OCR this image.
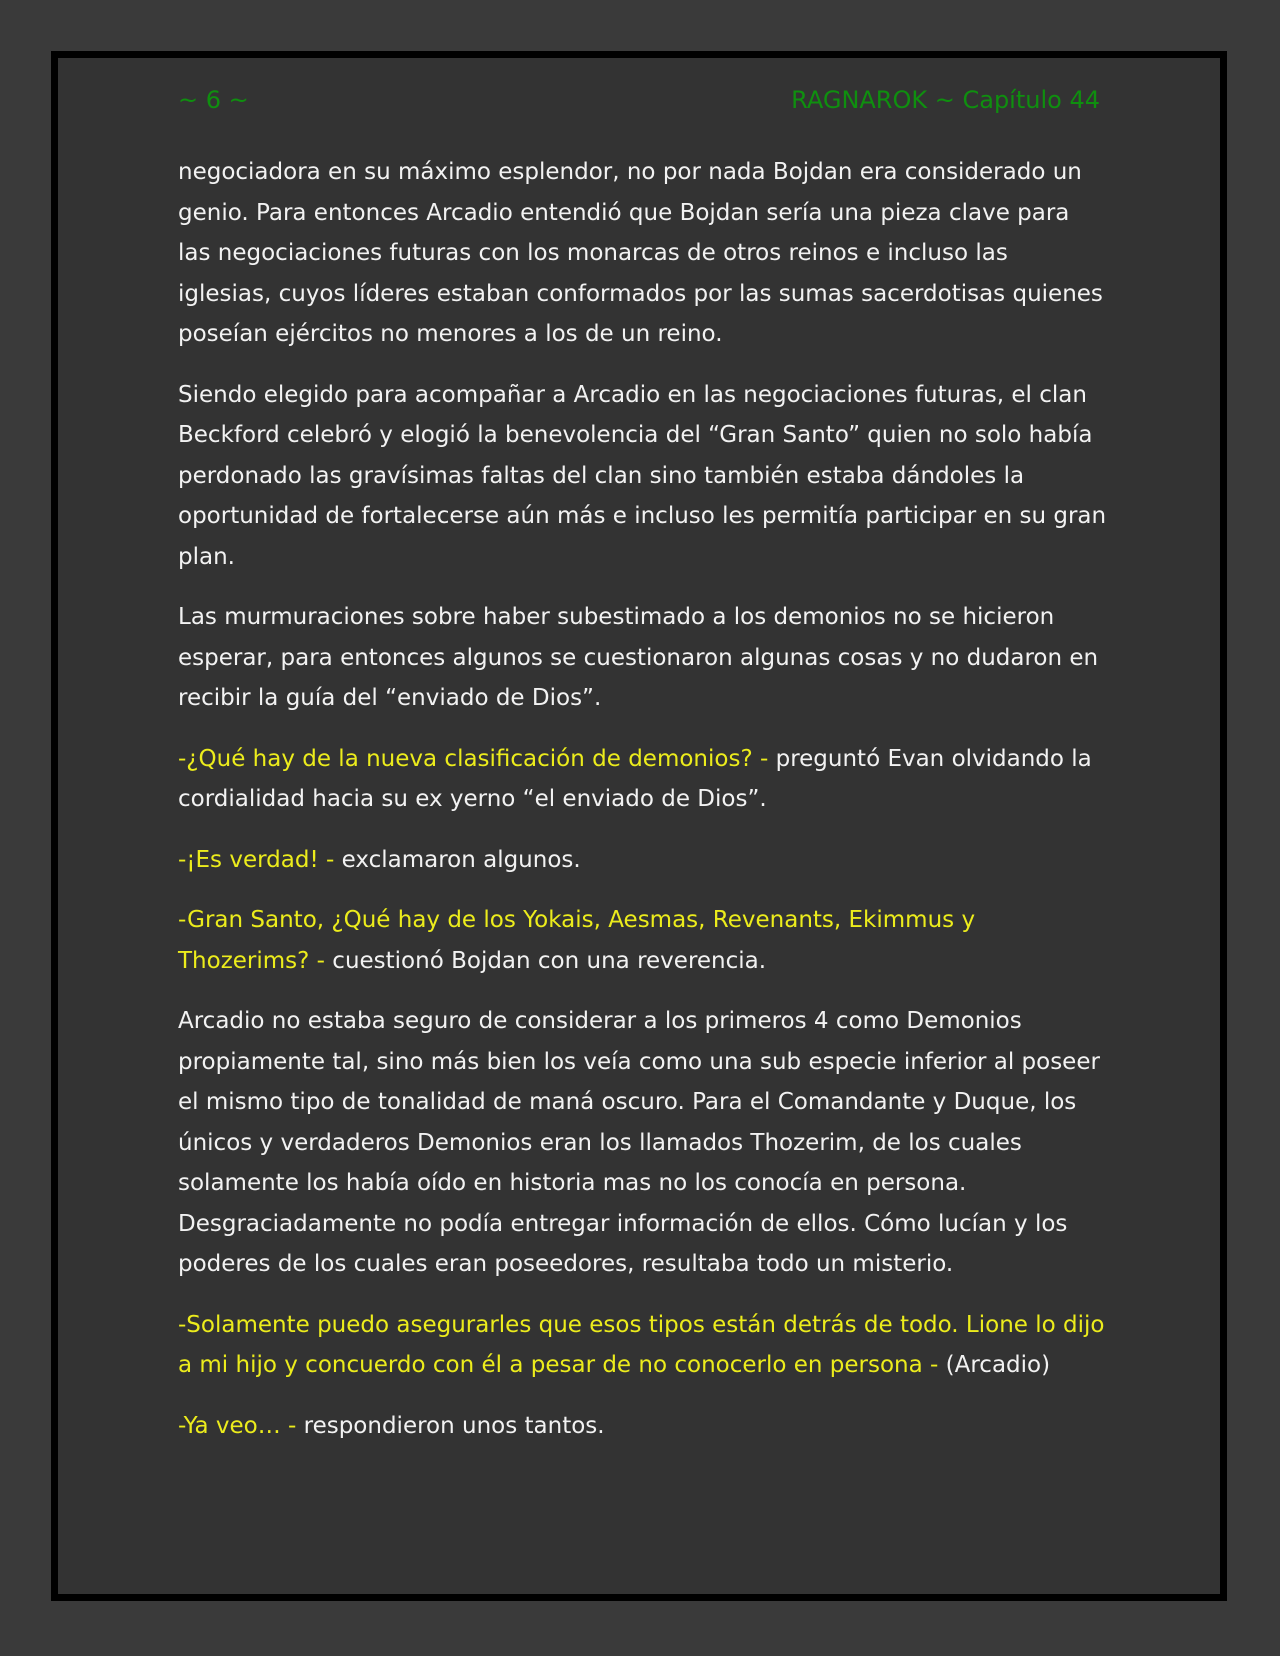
~ 6 ~	RAGNAROK ~ Capítulo 44

negociadora en su máximo esplendor, no por nada Bojdan era considerado un genio. Para entonces Arcadio entendió que Bojdan sería una pieza clave para las negociaciones futuras con los monarcas de otros reinos e incluso las iglesias, cuyos líderes estaban conformados por las sumas sacerdotisas quienes poseían ejércitos no menores a los de un reino.

Siendo elegido para acompañar a Arcadio en las negociaciones futuras, el clan Beckford celebró y elogió la benevolencia del “Gran Santo” quien no solo había perdonado las gravísimas faltas del clan sino también estaba dándoles la oportunidad de fortalecerse aún más e incluso les permitía participar en su gran plan.

Las murmuraciones sobre haber subestimado a los demonios no se hicieron esperar, para entonces algunos se cuestionaron algunas cosas y no dudaron en recibir la guía del “enviado de Dios”.

-¿Qué hay de la nueva clasificación de demonios? - preguntó Evan olvidando la cordialidad hacia su ex yerno “el enviado de Dios”.

-¡Es verdad! - exclamaron algunos.

-Gran Santo, ¿Qué hay de los Yokais, Aesmas, Revenants, Ekimmus y Thozerims? - cuestionó Bojdan con una reverencia.

Arcadio no estaba seguro de considerar a los primeros 4 como Demonios propiamente tal, sino más bien los veía como una sub especie inferior al poseer el mismo tipo de tonalidad de maná oscuro. Para el Comandante y Duque, los únicos y verdaderos Demonios eran los llamados Thozerim, de los cuales solamente los había oído en historia mas no los conocía en persona. Desgraciadamente no podía entregar información de ellos. Cómo lucían y los poderes de los cuales eran poseedores, resultaba todo un misterio.

-Solamente puedo asegurarles que esos tipos están detrás de todo. Lione lo dijo a mi hijo y concuerdo con él a pesar de no conocerlo en persona - (Arcadio)

-Ya veo… - respondieron unos tantos.
